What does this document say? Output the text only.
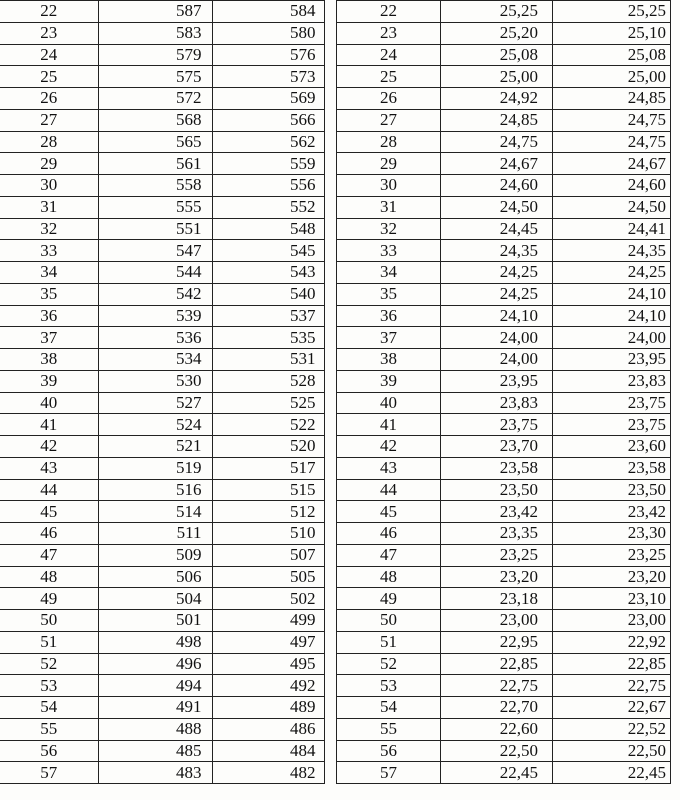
22	587	584
23	583	580
24	579	576
25	575	573
26	572	569
27	568	566
28	565	562
29	561	559
30	558	556
31	555	552
32	551	548
33	547	545
34	544	543
35	542	540
36	539	537
37	536	535
38	534	531
39	530	528
40	527	525
41	524	522
42	521	520
43	519	517
44	516	515
45	514	512
46	511	510
47	509	507
48	506	505
49	504	502
50	501	499
51	498	497
52	496	495
53	494	492
54	491	489
55	488	486
56	485	484
57	483	482
22	25,25	25,25
23	25,20	25,10
24	25,08	25,08
25	25,00	25,00
26	24,92	24,85
27	24,85	24,75
28	24,75	24,75
29	24,67	24,67
30	24,60	24,60
31	24,50	24,50
32	24,45	24,41
33	24,35	24,35
34	24,25	24,25
35	24,25	24,10
36	24,10	24,10
37	24,00	24,00
38	24,00	23,95
39	23,95	23,83
40	23,83	23,75
41	23,75	23,75
42	23,70	23,60
43	23,58	23,58
44	23,50	23,50
45	23,42	23,42
46	23,35	23,30
47	23,25	23,25
48	23,20	23,20
49	23,18	23,10
50	23,00	23,00
51	22,95	22,92
52	22,85	22,85
53	22,75	22,75
54	22,70	22,67
55	22,60	22,52
56	22,50	22,50
57	22,45	22,45
